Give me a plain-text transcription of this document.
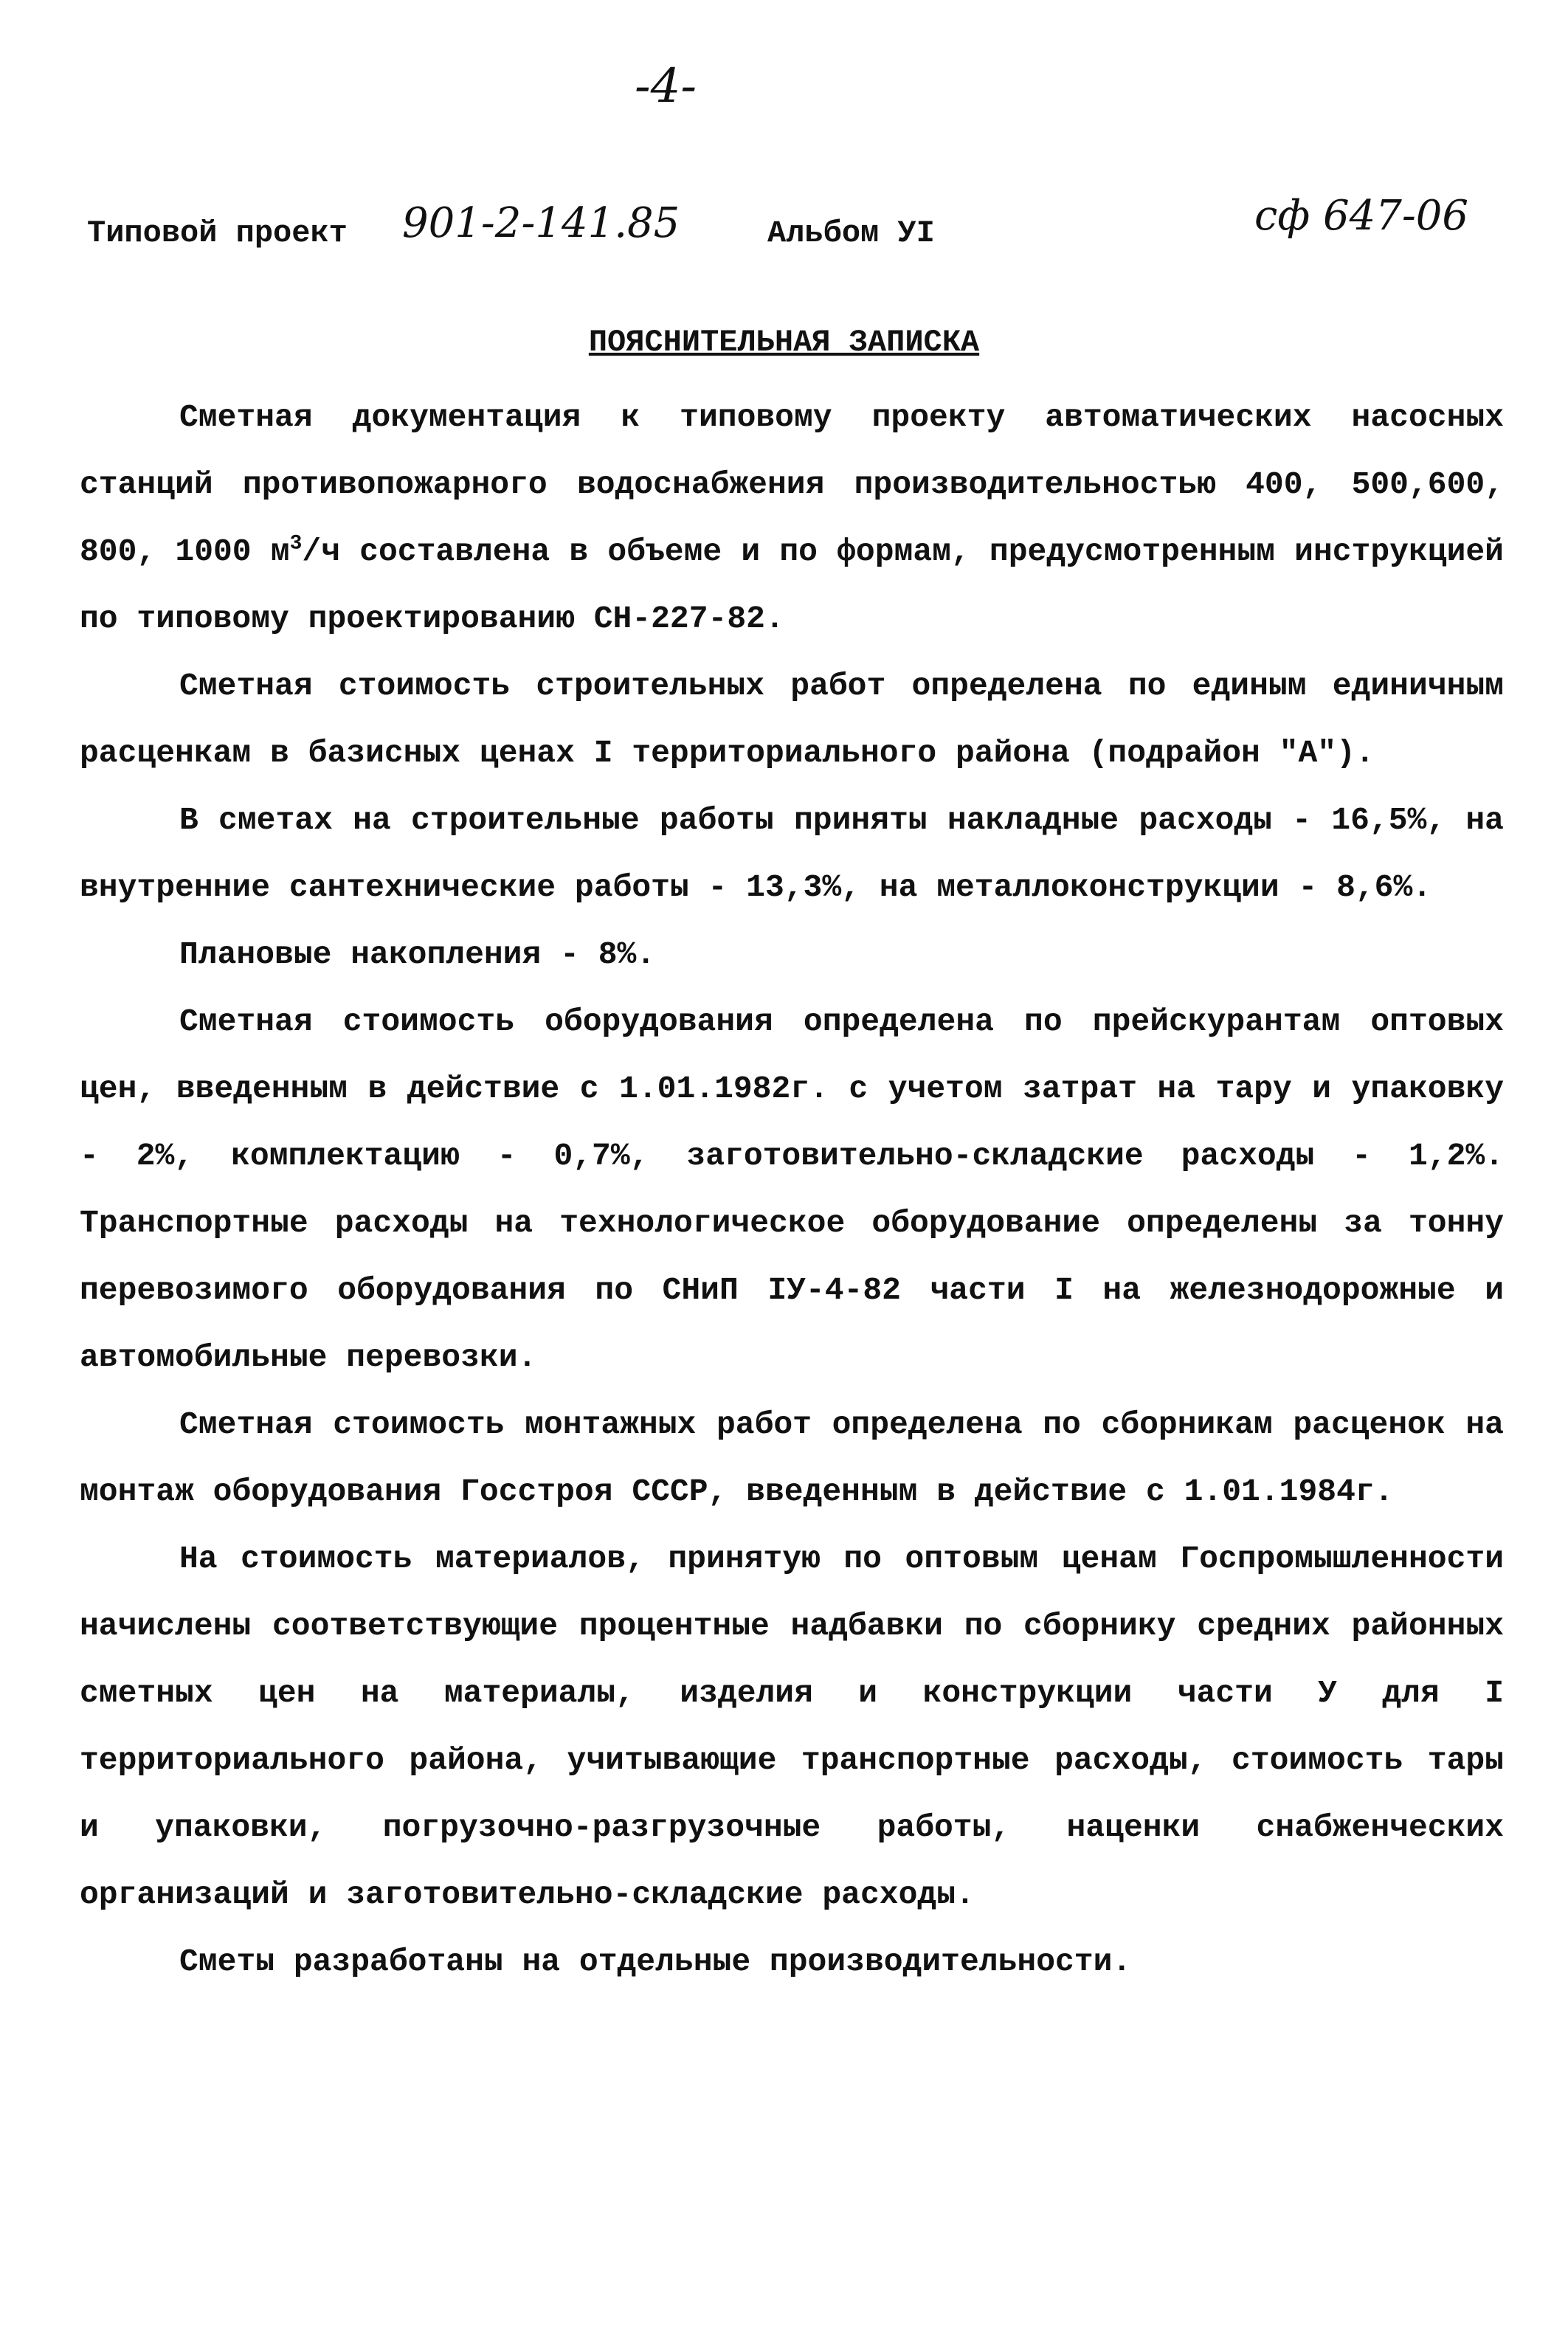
-4-
Типовой проект 901-2-141.85	Альбом УI	сф 647-06
ПОЯСНИТЕЛЬНАЯ ЗАПИСКА

Сметная документация к типовому проекту автоматических насосных станций противопожарного водоснабжения производительностью 400, 500,600, 800, 1000 $м^3/ч$ составлена в объеме и по формам, предусмотренным инструкцией по типовому проектированию СН-227-82.

Сметная стоимость строительных работ определена по единым единичным расценкам в базисных ценах I территориального района (подрайон "А").

В сметах на строительные работы приняты накладные расходы - 16,5%, на внутренние сантехнические работы - 13,3%, на металлоконструкции - 8,6%.

Плановые накопления - 8%.

Сметная стоимость оборудования определена по прейскурантам оптовых цен, введенным в действие с 1.01.1982г. с учетом затрат на тару и упаковку - 2%, комплектацию - 0,7%, заготовительно-складские расходы - 1,2%. Транспортные расходы на технологическое оборудование определены за тонну перевозимого оборудования по СНиП IУ-4-82 части I на железнодорожные и автомобильные перевозки.

Сметная стоимость монтажных работ определена по сборникам расценок на монтаж оборудования Госстроя СССР, введенным в действие с 1.01.1984г.

На стоимость материалов, принятую по оптовым ценам Госпромышленности начислены соответствующие процентные надбавки по сборнику средних районных сметных цен на материалы, изделия и конструкции части У для I территориального района, учитывающие транспортные расходы, стоимость тары и упаковки, погрузочно-разгрузочные работы, наценки снабженческих организаций и заготовительно-складские расходы.

Сметы разработаны на отдельные производительности.
